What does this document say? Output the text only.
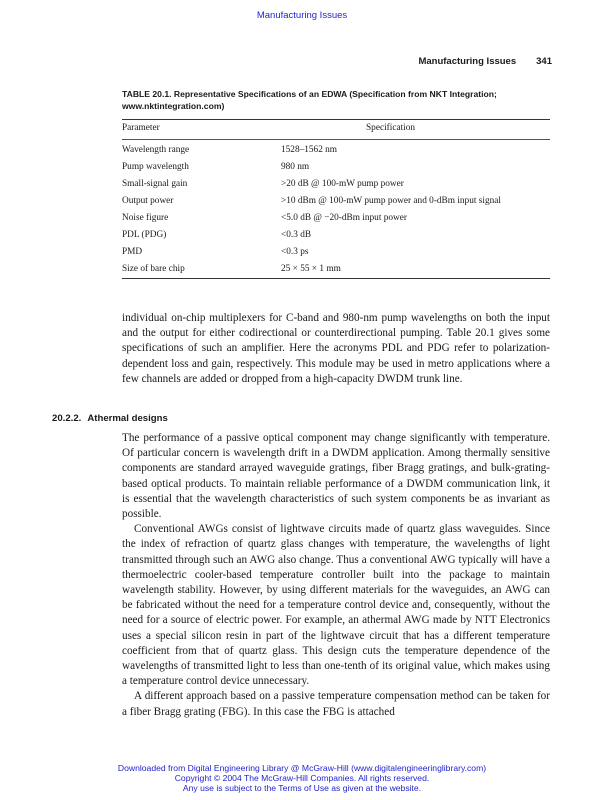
Manufacturing Issues
Manufacturing Issues 341
TABLE 20.1. Representative Specifications of an EDWA (Specification from NKT Integration; www.nktintegration.com)
Parameter	Specification
Wavelength range	1528–1562 nm
Pump wavelength	980 nm
Small-signal gain	>20 dB @ 100-mW pump power
Output power	>10 dBm @ 100-mW pump power and 0-dBm input signal
Noise figure	<5.0 dB @ −20-dBm input power
PDL (PDG)	<0.3 dB
PMD	<0.3 ps
Size of bare chip	25 × 55 × 1 mm

individual on-chip multiplexers for C-band and 980-nm pump wavelengths on both the input and the output for either codirectional or counterdirectional pumping. Table 20.1 gives some specifications of such an amplifier. Here the acronyms PDL and PDG refer to polarization-dependent loss and gain, respectively. This module may be used in metro applications where a few channels are added or dropped from a high-capacity DWDM trunk line.

20.2.2. Athermal designs

The performance of a passive optical component may change significantly with temperature. Of particular concern is wavelength drift in a DWDM application. Among thermally sensitive components are standard arrayed waveguide gratings, fiber Bragg gratings, and bulk-grating-based optical products. To maintain reliable performance of a DWDM communication link, it is essential that the wavelength characteristics of such system components be as invariant as possible.

Conventional AWGs consist of lightwave circuits made of quartz glass waveguides. Since the index of refraction of quartz glass changes with temperature, the wavelengths of light transmitted through such an AWG also change. Thus a conventional AWG typically will have a thermoelectric cooler-based temperature controller built into the package to maintain wavelength stability. However, by using different materials for the waveguides, an AWG can be fabricated without the need for a temperature control device and, consequently, without the need for a source of electric power. For example, an athermal AWG made by NTT Electronics uses a special silicon resin in part of the lightwave circuit that has a different temperature coefficient from that of quartz glass. This design cuts the temperature dependence of the wavelengths of transmitted light to less than one-tenth of its original value, which makes using a temperature control device unnecessary.

A different approach based on a passive temperature compensation method can be taken for a fiber Bragg grating (FBG). In this case the FBG is attached

Downloaded from Digital Engineering Library @ McGraw-Hill (www.digitalengineeringlibrary.com)
Copyright © 2004 The McGraw-Hill Companies. All rights reserved.
Any use is subject to the Terms of Use as given at the website.
